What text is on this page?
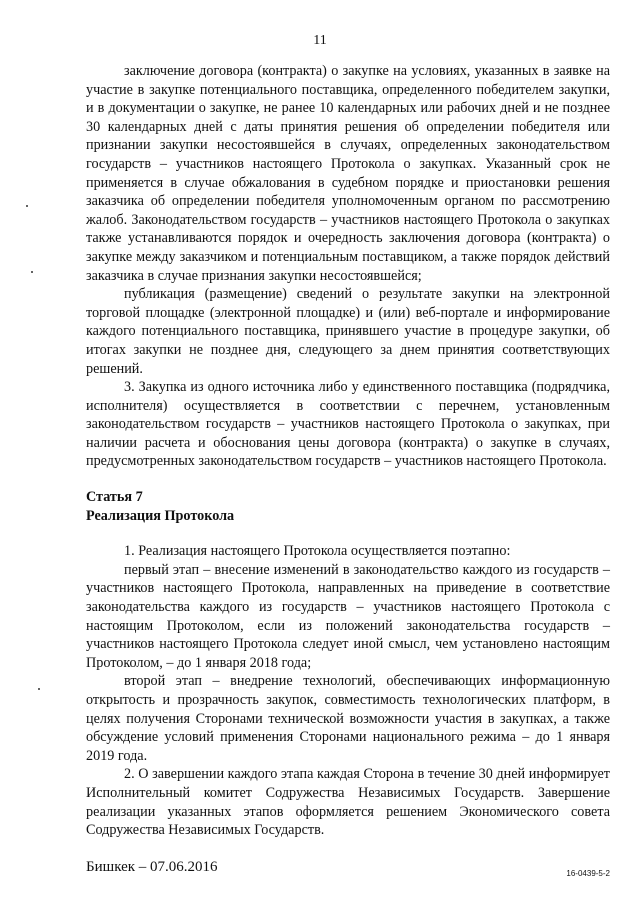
11

заключение договора (контракта) о закупке на условиях, указанных в заявке на участие в закупке потенциального поставщика, определенного победителем закупки, и в документации о закупке, не ранее 10 календарных или рабочих дней и не позднее 30 календарных дней с даты принятия решения об определении победителя или признании закупки несостоявшейся в случаях, определенных законодательством государств – участников настоящего Протокола о закупках. Указанный срок не применяется в случае обжалования в судебном порядке и приостановки решения заказчика об определении победителя уполномоченным органом по рассмотрению жалоб. Законодательством государств – участников настоящего Протокола о закупках также устанавливаются порядок и очередность заключения договора (контракта) о закупке между заказчиком и потенциальным поставщиком, а также порядок действий заказчика в случае признания закупки несостоявшейся;

публикация (размещение) сведений о результате закупки на электронной торговой площадке (электронной площадке) и (или) веб-портале и информирование каждого потенциального поставщика, принявшего участие в процедуре закупки, об итогах закупки не позднее дня, следующего за днем принятия соответствующих решений.

3. Закупка из одного источника либо у единственного поставщика (подрядчика, исполнителя) осуществляется в соответствии с перечнем, установленным законодательством государств – участников настоящего Протокола о закупках, при наличии расчета и обоснования цены договора (контракта) о закупке в случаях, предусмотренных законодательством государств – участников настоящего Протокола.

Статья 7

Реализация Протокола

1. Реализация настоящего Протокола осуществляется поэтапно:

первый этап – внесение изменений в законодательство каждого из государств – участников настоящего Протокола, направленных на приведение в соответствие законодательства каждого из государств – участников настоящего Протокола с настоящим Протоколом, если из положений законодательства государств – участников настоящего Протокола следует иной смысл, чем установлено настоящим Протоколом, – до 1 января 2018 года;

второй этап – внедрение технологий, обеспечивающих информационную открытость и прозрачность закупок, совместимость технологических платформ, в целях получения Сторонами технической возможности участия в закупках, а также обсуждение условий применения Сторонами национального режима – до 1 января 2019 года.

2. О завершении каждого этапа каждая Сторона в течение 30 дней информирует Исполнительный комитет Содружества Независимых Государств. Завершение реализации указанных этапов оформляется решением Экономического совета Содружества Независимых Государств.

Бишкек – 07.06.2016	16-0439-5-2
